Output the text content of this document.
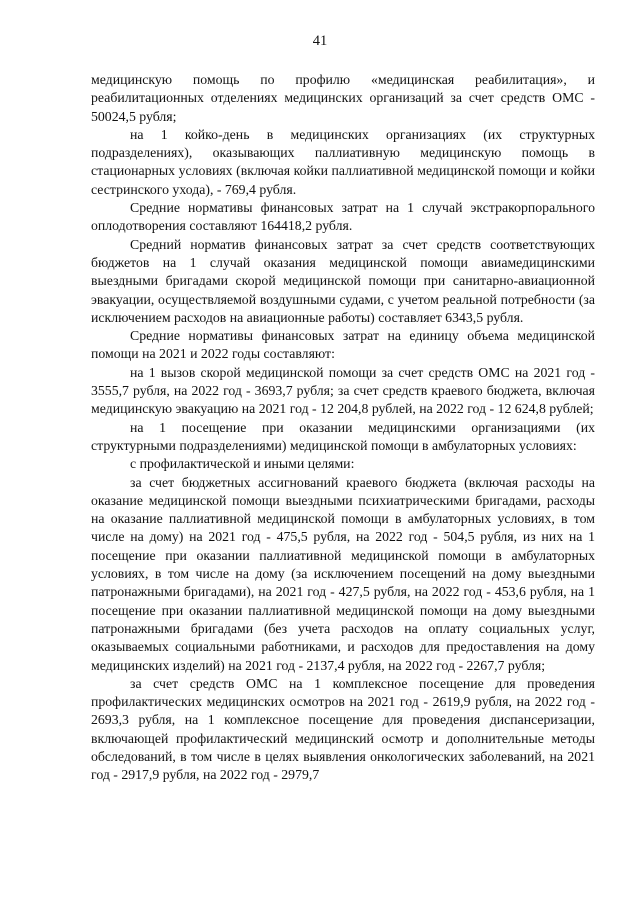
41

медицинскую помощь по профилю «медицинская реабилитация», и реабилитационных отделениях медицинских организаций за счет средств ОМС - 50024,5 рубля;

на 1 койко-день в медицинских организациях (их структурных подразделениях), оказывающих паллиативную медицинскую помощь в стационарных условиях (включая койки паллиативной медицинской помощи и койки сестринского ухода), - 769,4 рубля.

Средние нормативы финансовых затрат на 1 случай экстракорпорального оплодотворения составляют 164418,2 рубля.

Средний норматив финансовых затрат за счет средств соответствующих бюджетов на 1 случай оказания медицинской помощи авиамедицинскими выездными бригадами скорой медицинской помощи при санитарно-авиационной эвакуации, осуществляемой воздушными судами, с учетом реальной потребности (за исключением расходов на авиационные работы) составляет 6343,5 рубля.

Средние нормативы финансовых затрат на единицу объема медицинской помощи на 2021 и 2022 годы составляют:

на 1 вызов скорой медицинской помощи за счет средств ОМС на 2021 год - 3555,7 рубля, на 2022 год - 3693,7 рубля; за счет средств краевого бюджета, включая медицинскую эвакуацию на 2021 год - 12 204,8 рублей, на 2022 год - 12 624,8 рублей;

на 1 посещение при оказании медицинскими организациями (их структурными подразделениями) медицинской помощи в амбулаторных условиях:

с профилактической и иными целями:

за счет бюджетных ассигнований краевого бюджета (включая расходы на оказание медицинской помощи выездными психиатрическими бригадами, расходы на оказание паллиативной медицинской помощи в амбулаторных условиях, в том числе на дому) на 2021 год - 475,5 рубля, на 2022 год - 504,5 рубля, из них на 1 посещение при оказании паллиативной медицинской помощи в амбулаторных условиях, в том числе на дому (за исключением посещений на дому выездными патронажными бригадами), на 2021 год - 427,5 рубля, на 2022 год - 453,6 рубля, на 1 посещение при оказании паллиативной медицинской помощи на дому выездными патронажными бригадами (без учета расходов на оплату социальных услуг, оказываемых социальными работниками, и расходов для предоставления на дому медицинских изделий) на 2021 год - 2137,4 рубля, на 2022 год - 2267,7 рубля;

за счет средств ОМС на 1 комплексное посещение для проведения профилактических медицинских осмотров на 2021 год - 2619,9 рубля, на 2022 год - 2693,3 рубля, на 1 комплексное посещение для проведения диспансеризации, включающей профилактический медицинский осмотр и дополнительные методы обследований, в том числе в целях выявления онкологических заболеваний, на 2021 год - 2917,9 рубля, на 2022 год - 2979,7
